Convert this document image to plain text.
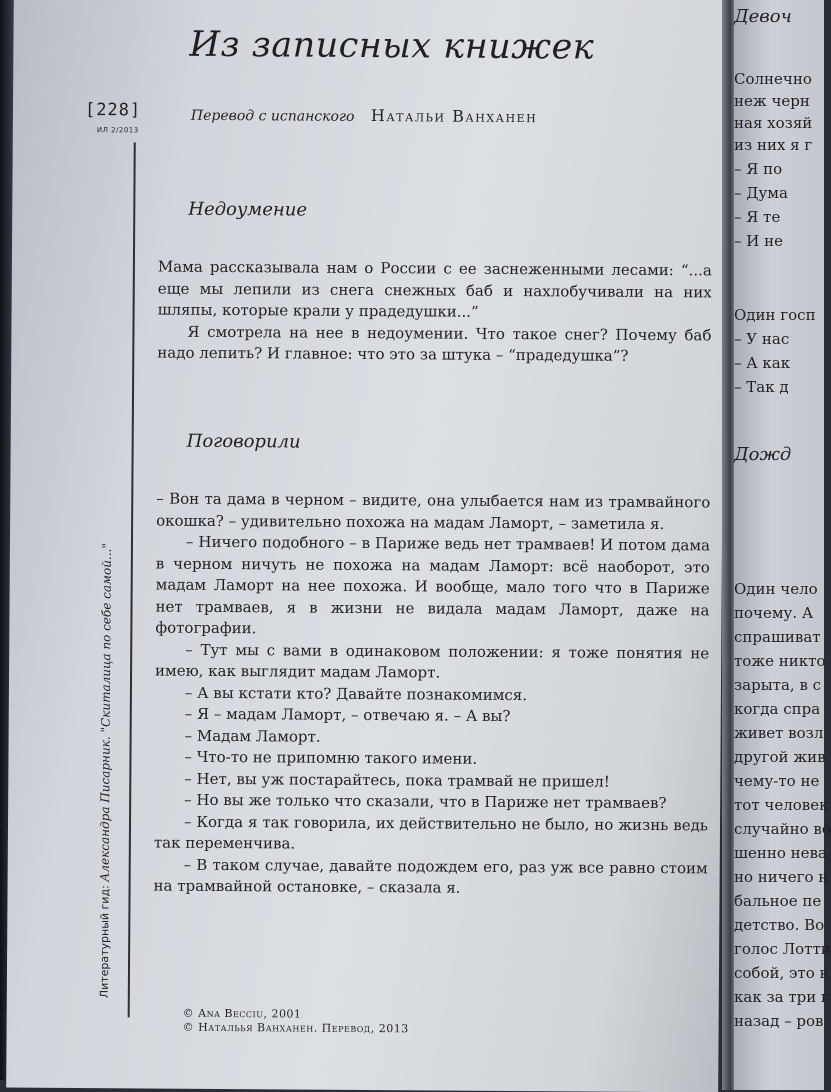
Из записных книжек
Перевод с испанского Натальи Ванханен
[228]
ИЛ 2/2013
Литературный гид: Александра Писарник. "Скиталица по себе самой..."
Недоумение

Мама рассказывала нам о России с ее заснеженными лесами: “...а еще мы лепили из снега снежных баб и нахлобучивали на них шляпы, которые крали у прадедушки...”

Я смотрела на нее в недоумении. Что такое снег? Почему баб надо лепить? И главное: что это за штука – “прадедушка”?

Поговорили

– Вон та дама в черном – видите, она улыбается нам из трамвайного окошка? – удивительно похожа на мадам Ламорт, – заметила я.

– Ничего подобного – в Париже ведь нет трамваев! И потом дама в черном ничуть не похожа на мадам Ламорт: всё наоборот, это мадам Ламорт на нее похожа. И вообще, мало того что в Париже нет трамваев, я в жизни не видала мадам Ламорт, даже на фотографии.

– Тут мы с вами в одинаковом положении: я тоже понятия не имею, как выглядит мадам Ламорт.

– А вы кстати кто? Давайте познакомимся.

– Я – мадам Ламорт, – отвечаю я. – А вы?

– Мадам Ламорт.

– Что-то не припомню такого имени.

– Нет, вы уж постарайтесь, пока трамвай не пришел!

– Но вы же только что сказали, что в Париже нет трамваев?

– Когда я так говорила, их действительно не было, но жизнь ведь так переменчива.

– В таком случае, давайте подождем его, раз уж все равно стоим на трамвайной остановке, – сказала я.

© Ana Becciu, 2001
© Натальья Ванханен. Перевод, 2013
Девоч
Солнечно
неж черн
ная хозяй
из них я г
– Я по
– Дума
– Я те
– И не
Один госп
– У нас
– А как
– Так д
Дожд
Один чело
почему. А
спрашиват
тоже никто
зарыта, в с
когда спра
живет возл
другой жив
чему-то не
тот человек
случайно во
шенно нева
но ничего н
бальное пе
детство. Во
голос Лотти
собой, это в
как за три г
назад – ров
